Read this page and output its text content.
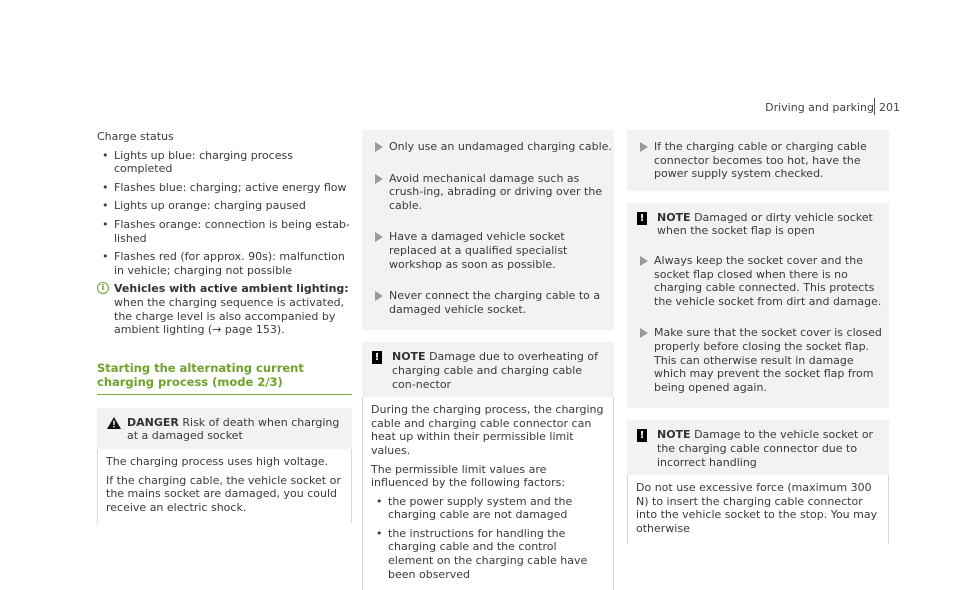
Driving and parking 201
Charge status
• Lights up blue: charging process completed
• Flashes blue: charging; active energy flow
• Lights up orange: charging paused
• Flashes orange: connection is being estab-lished
• Flashes red (for approx. 90s): malfunction in vehicle; charging not possible
i Vehicles with active ambient lighting: when the charging sequence is activated, the charge level is also accompanied by ambient lighting (→ page 153).
Starting the alternating current charging process (mode 2/3)
DANGER Risk of death when charging at a damaged socket
The charging process uses high voltage.
If the charging cable, the vehicle socket or the mains socket are damaged, you could receive an electric shock.
Only use an undamaged charging cable.
Avoid mechanical damage such as crush-ing, abrading or driving over the cable.
Have a damaged vehicle socket replaced at a qualified specialist workshop as soon as possible.
Never connect the charging cable to a damaged vehicle socket.
! NOTE Damage due to overheating of charging cable and charging cable con-nector
During the charging process, the charging cable and charging cable connector can heat up within their permissible limit values.
The permissible limit values are influenced by the following factors:
• the power supply system and the charging cable are not damaged
• the instructions for handling the charging cable and the control element on the charging cable have been observed
If the charging cable or charging cable connector becomes too hot, have the power supply system checked.
! NOTE Damaged or dirty vehicle socket when the socket flap is open
Always keep the socket cover and the socket flap closed when there is no charging cable connected. This protects the vehicle socket from dirt and damage.
Make sure that the socket cover is closed properly before closing the socket flap. This can otherwise result in damage which may prevent the socket flap from being opened again.
! NOTE Damage to the vehicle socket or the charging cable connector due to incorrect handling
Do not use excessive force (maximum 300 N) to insert the charging cable connector into the vehicle socket to the stop. You may otherwise
